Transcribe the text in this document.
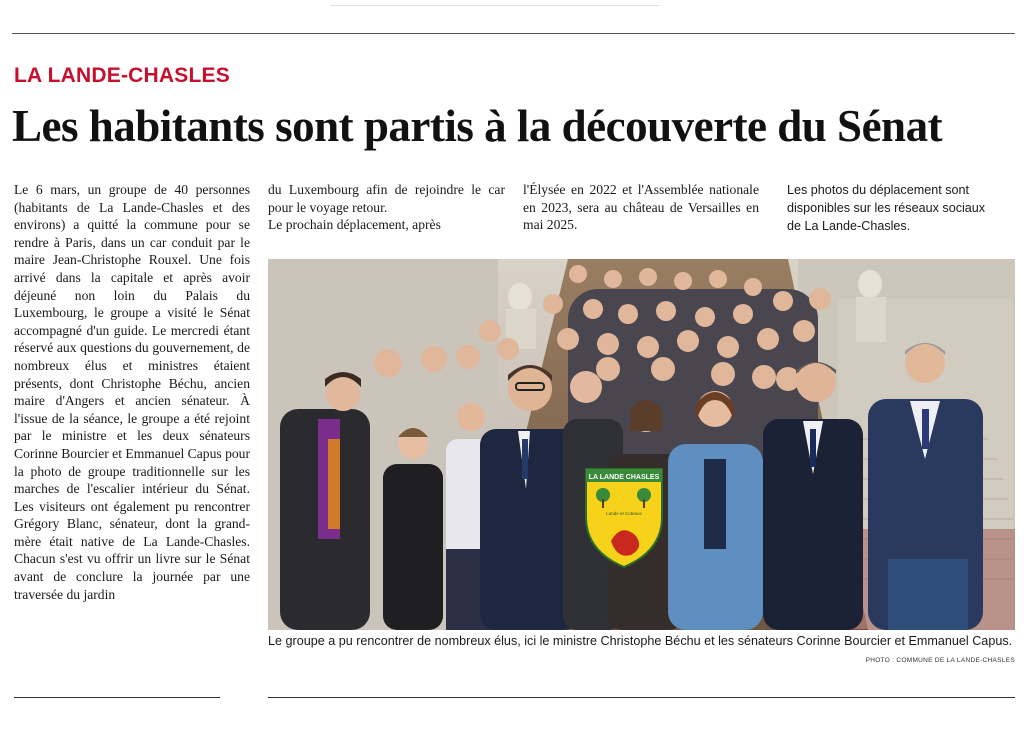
LA LANDE-CHASLES
Les habitants sont partis à la découverte du Sénat

Le 6 mars, un groupe de 40 personnes (habitants de La Lande-Chasles et des environs) a quitté la commune pour se rendre à Paris, dans un car conduit par le maire Jean-Christophe Rouxel. Une fois arrivé dans la capitale et après avoir déjeuné non loin du Palais du Luxembourg, le groupe a visité le Sénat accompagné d'un guide. Le mercredi étant réservé aux questions du gouvernement, de nombreux élus et ministres étaient présents, dont Christophe Béchu, ancien maire d'Angers et ancien sénateur. À l'issue de la séance, le groupe a été rejoint par le ministre et les deux sénateurs Corinne Bourcier et Emmanuel Capus pour la photo de groupe traditionnelle sur les marches de l'escalier intérieur du Sénat. Les visiteurs ont également pu rencontrer Grégory Blanc, sénateur, dont la grand-mère était native de La Lande-Chasles. Chacun s'est vu offrir un livre sur le Sénat avant de conclure la journée par une traversée du jardin

du Luxembourg afin de rejoindre le car pour le voyage retour.

Le prochain déplacement, après

l'Élysée en 2022 et l'Assemblée nationale en 2023, sera au château de Versailles en mai 2025.

Les photos du déplacement sont disponibles sur les réseaux sociaux de La Lande-Chasles.

LA LANDE CHASLES
Lande et Coteaux
Le groupe a pu rencontrer de nombreux élus, ici le ministre Christophe Béchu et les sénateurs Corinne Bourcier et Emmanuel Capus.
PHOTO : COMMUNE DE LA LANDE-CHASLES
